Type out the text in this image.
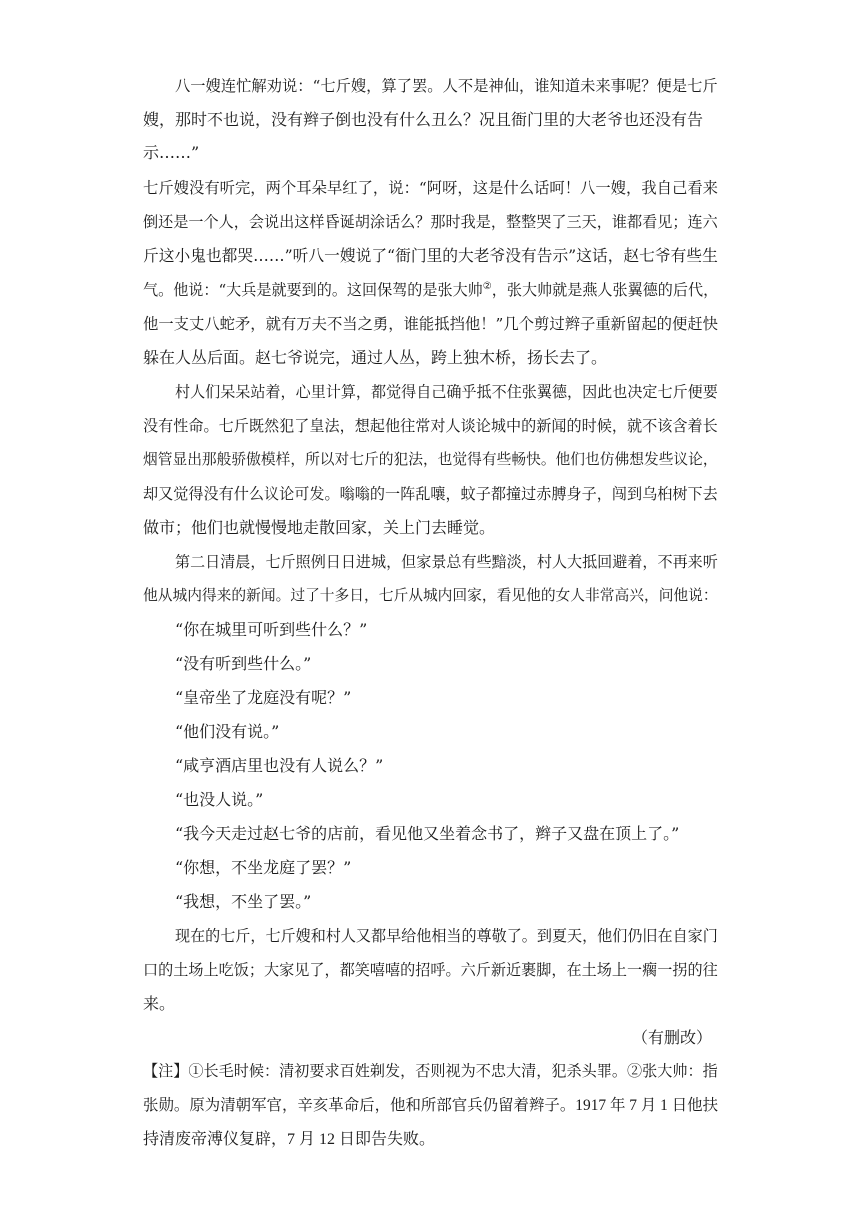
八一嫂连忙解劝说：“七斤嫂，算了罢。人不是神仙，谁知道未来事呢？便是七斤
嫂，那时不也说，没有辫子倒也没有什么丑么？况且衙门里的大老爷也还没有告
示……”
七斤嫂没有听完，两个耳朵早红了，说：“阿呀，这是什么话呵！八一嫂，我自己看来
倒还是一个人，会说出这样昏诞胡涂话么？那时我是，整整哭了三天，谁都看见；连六
斤这小鬼也都哭……”听八一嫂说了“衙门里的大老爷没有告示”这话，赵七爷有些生
气。他说：“大兵是就要到的。这回保驾的是张大帅②，张大帅就是燕人张翼德的后代，
他一支丈八蛇矛，就有万夫不当之勇，谁能抵挡他！”几个剪过辫子重新留起的便赶快
躲在人丛后面。赵七爷说完，通过人丛，跨上独木桥，扬长去了。
村人们呆呆站着，心里计算，都觉得自己确乎抵不住张翼德，因此也决定七斤便要
没有性命。七斤既然犯了皇法，想起他往常对人谈论城中的新闻的时候，就不该含着长
烟管显出那般骄傲模样，所以对七斤的犯法，也觉得有些畅快。他们也仿佛想发些议论，
却又觉得没有什么议论可发。嗡嗡的一阵乱嚷，蚊子都撞过赤膊身子，闯到乌桕树下去
做市；他们也就慢慢地走散回家，关上门去睡觉。
第二日清晨，七斤照例日日进城，但家景总有些黯淡，村人大抵回避着，不再来听
他从城内得来的新闻。过了十多日，七斤从城内回家，看见他的女人非常高兴，问他说：
“你在城里可听到些什么？”
“没有听到些什么。”
“皇帝坐了龙庭没有呢？”
“他们没有说。”
“咸亨酒店里也没有人说么？”
“也没人说。”
“我今天走过赵七爷的店前，看见他又坐着念书了，辫子又盘在顶上了。”
“你想，不坐龙庭了罢？”
“我想，不坐了罢。”
现在的七斤，七斤嫂和村人又都早给他相当的尊敬了。到夏天，他们仍旧在自家门
口的土场上吃饭；大家见了，都笑嘻嘻的招呼。六斤新近裹脚，在土场上一瘸一拐的往
来。
（有删改）
【注】①长毛时候：清初要求百姓剃发，否则视为不忠大清，犯杀头罪。②张大帅：指
张勋。原为清朝军官，辛亥革命后，他和所部官兵仍留着辫子。1917 年 7 月 1 日他扶
持清废帝溥仪复辟，7 月 12 日即告失败。
